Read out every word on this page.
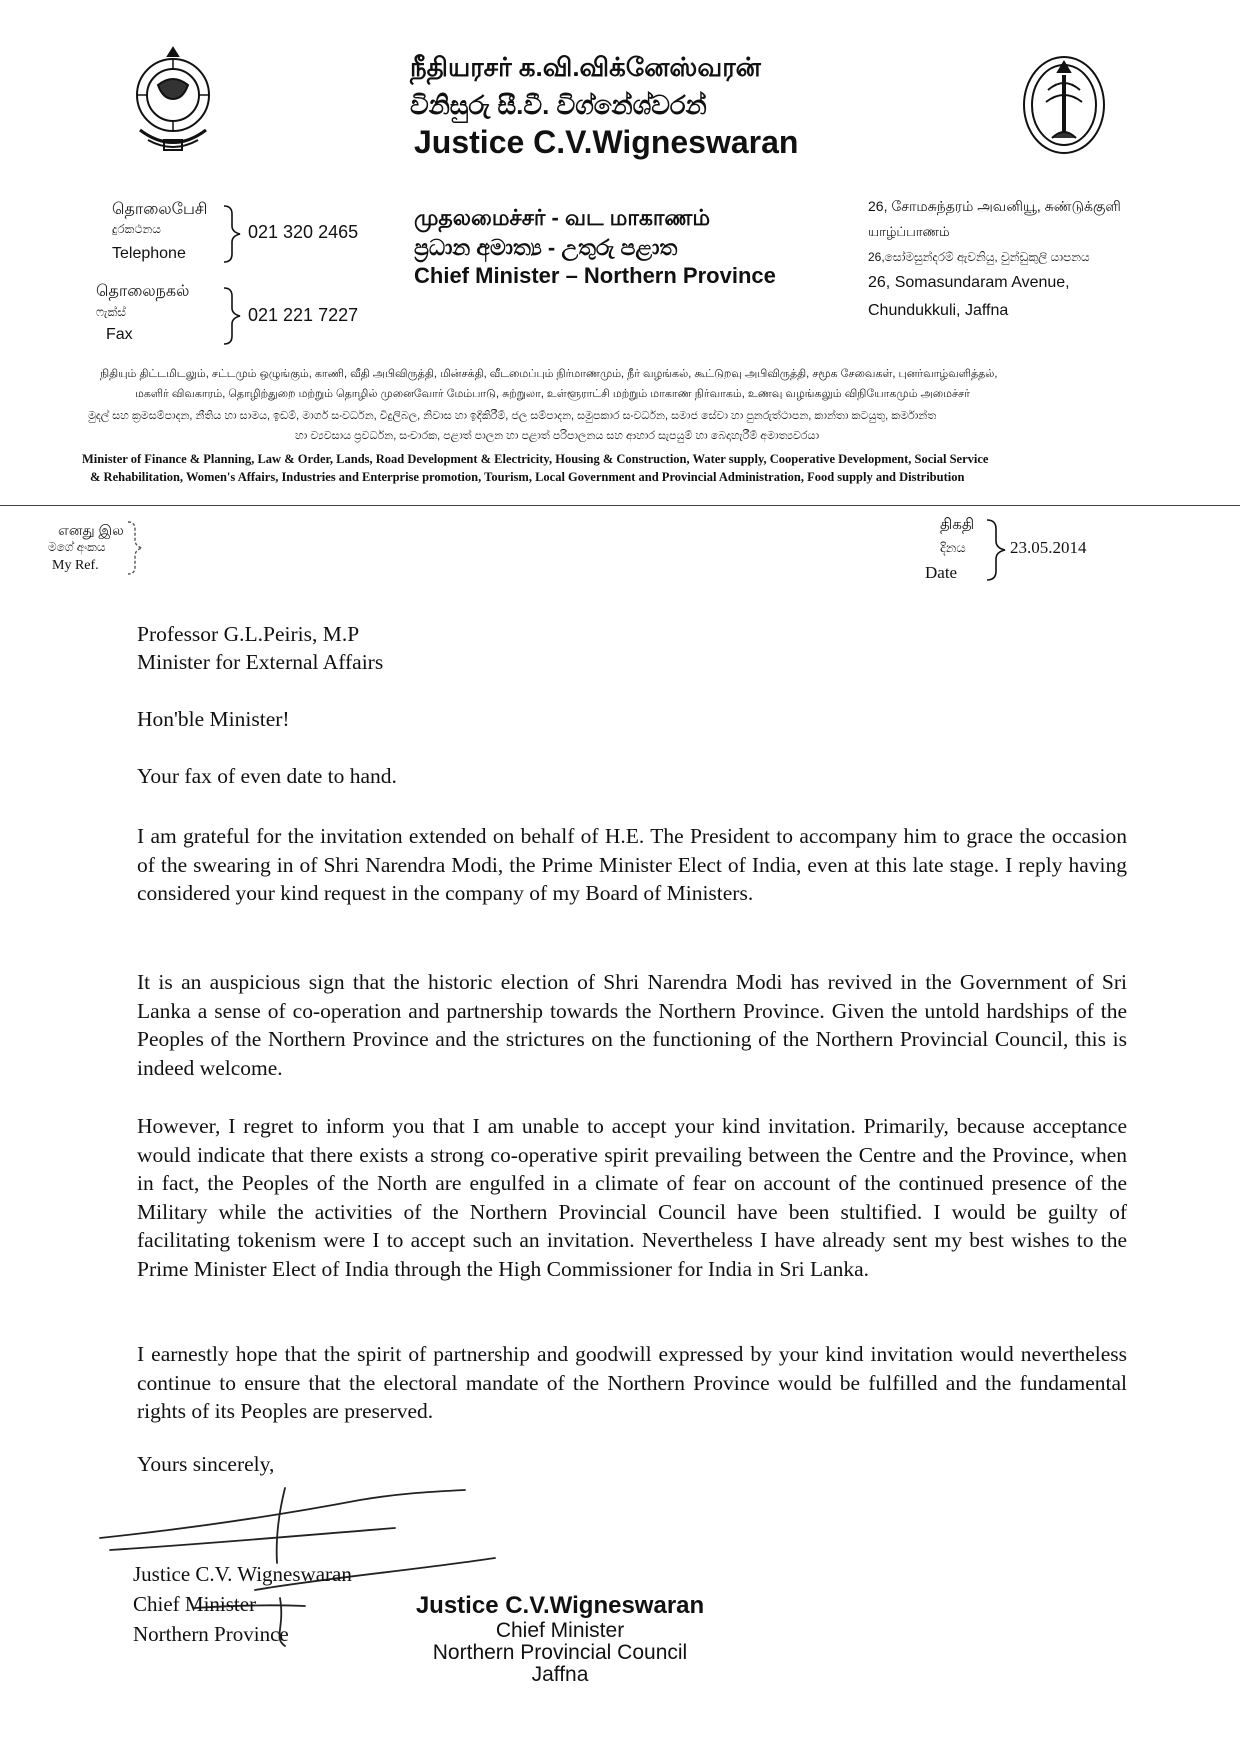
நீதியரசர் க.வி.விக்னேஸ்வரன்
විනිසුරු සී.වී. විග්නේශ්වරන්
Justice C.V.Wigneswaran
தொலைபேசி
දුරකථනය
Telephone
021 320 2465
தொலைநகல்
ෆැක්ස්
Fax
021 221 7227
முதலமைச்சர் - வட மாகாணம்
ප්‍රධාන අමාත්‍ය - උතුරු පළාත
Chief Minister – Northern Province
26, சோமசுந்தரம் அவனியூ, சுண்டுக்குளி
யாழ்ப்பாணம்
26,සෝමසුන්දරම් ඇවනියු, චුන්ඩුකුලි යාපනය
26, Somasundaram Avenue,
Chundukkuli, Jaffna
நிதியும் திட்டமிடலும், சட்டமும் ஒழுங்கும், காணி, வீதி அபிவிருத்தி, மின்சக்தி, வீடமைப்பும் நிர்மாணமும், நீர் வழங்கல், கூட்டுறவு அபிவிருத்தி, சமூக சேவைகள், புனர்வாழ்வளித்தல்,
மகளிர் விவகாரம், தொழிற்துறை மற்றும் தொழில் முனைவோர் மேம்பாடு, சுற்றுலா, உள்ளூராட்சி மற்றும் மாகாண நிர்வாகம், உணவு வழங்கலும் விநியோகமும் அமைச்சர்
මුදල් සහ ක්‍රමසම්පාදන, නීතිය හා සාමය, ඉඩම්, මාර්ග සංවර්ධන, විදුලිබල, නිවාස හා ඉදිකිරීම්, ජල සම්පාදන, සමුපකාර සංවර්ධන, සමාජ සේවා හා පුනරුත්ථාපන, කාන්තා කටයුතු, කර්මාන්ත
හා ව්‍යවසාය ප්‍රවර්ධන, සංචාරක, පළාත් පාලන හා පළාත් පරිපාලනය සහ ආහාර සැපයුම් හා බෙදාහැරීම් අමාත්‍යවරයා
Minister of Finance & Planning, Law & Order, Lands, Road Development & Electricity, Housing & Construction, Water supply, Cooperative Development, Social Service
& Rehabilitation, Women's Affairs, Industries and Enterprise promotion, Tourism, Local Government and Provincial Administration, Food supply and Distribution
எனது இல
මගේ අංකය
My Ref.
திகதி
දිනය
Date
23.05.2014
Professor G.L.Peiris, M.P
Minister for External Affairs
Hon'ble Minister!
Your fax of even date to hand.
I am grateful for the invitation extended on behalf of H.E. The President to accompany him to grace the occasion of the swearing in of Shri Narendra Modi, the Prime Minister Elect of India, even at this late stage. I reply having considered your kind request in the company of my Board of Ministers.
It is an auspicious sign that the historic election of Shri Narendra Modi has revived in the Government of Sri Lanka a sense of co-operation and partnership towards the Northern Province. Given the untold hardships of the Peoples of the Northern Province and the strictures on the functioning of the Northern Provincial Council, this is indeed welcome.
However, I regret to inform you that I am unable to accept your kind invitation. Primarily, because acceptance would indicate that there exists a strong co-operative spirit prevailing between the Centre and the Province, when in fact, the Peoples of the North are engulfed in a climate of fear on account of the continued presence of the Military while the activities of the Northern Provincial Council have been stultified. I would be guilty of facilitating tokenism were I to accept such an invitation. Nevertheless I have already sent my best wishes to the Prime Minister Elect of India through the High Commissioner for India in Sri Lanka.
I earnestly hope that the spirit of partnership and goodwill expressed by your kind invitation would nevertheless continue to ensure that the electoral mandate of the Northern Province would be fulfilled and the fundamental rights of its Peoples are preserved.
Yours sincerely,
Justice C.V. Wigneswaran
Chief Minister
Northern Province
Justice C.V.Wigneswaran
Chief Minister
Northern Provincial Council
Jaffna
